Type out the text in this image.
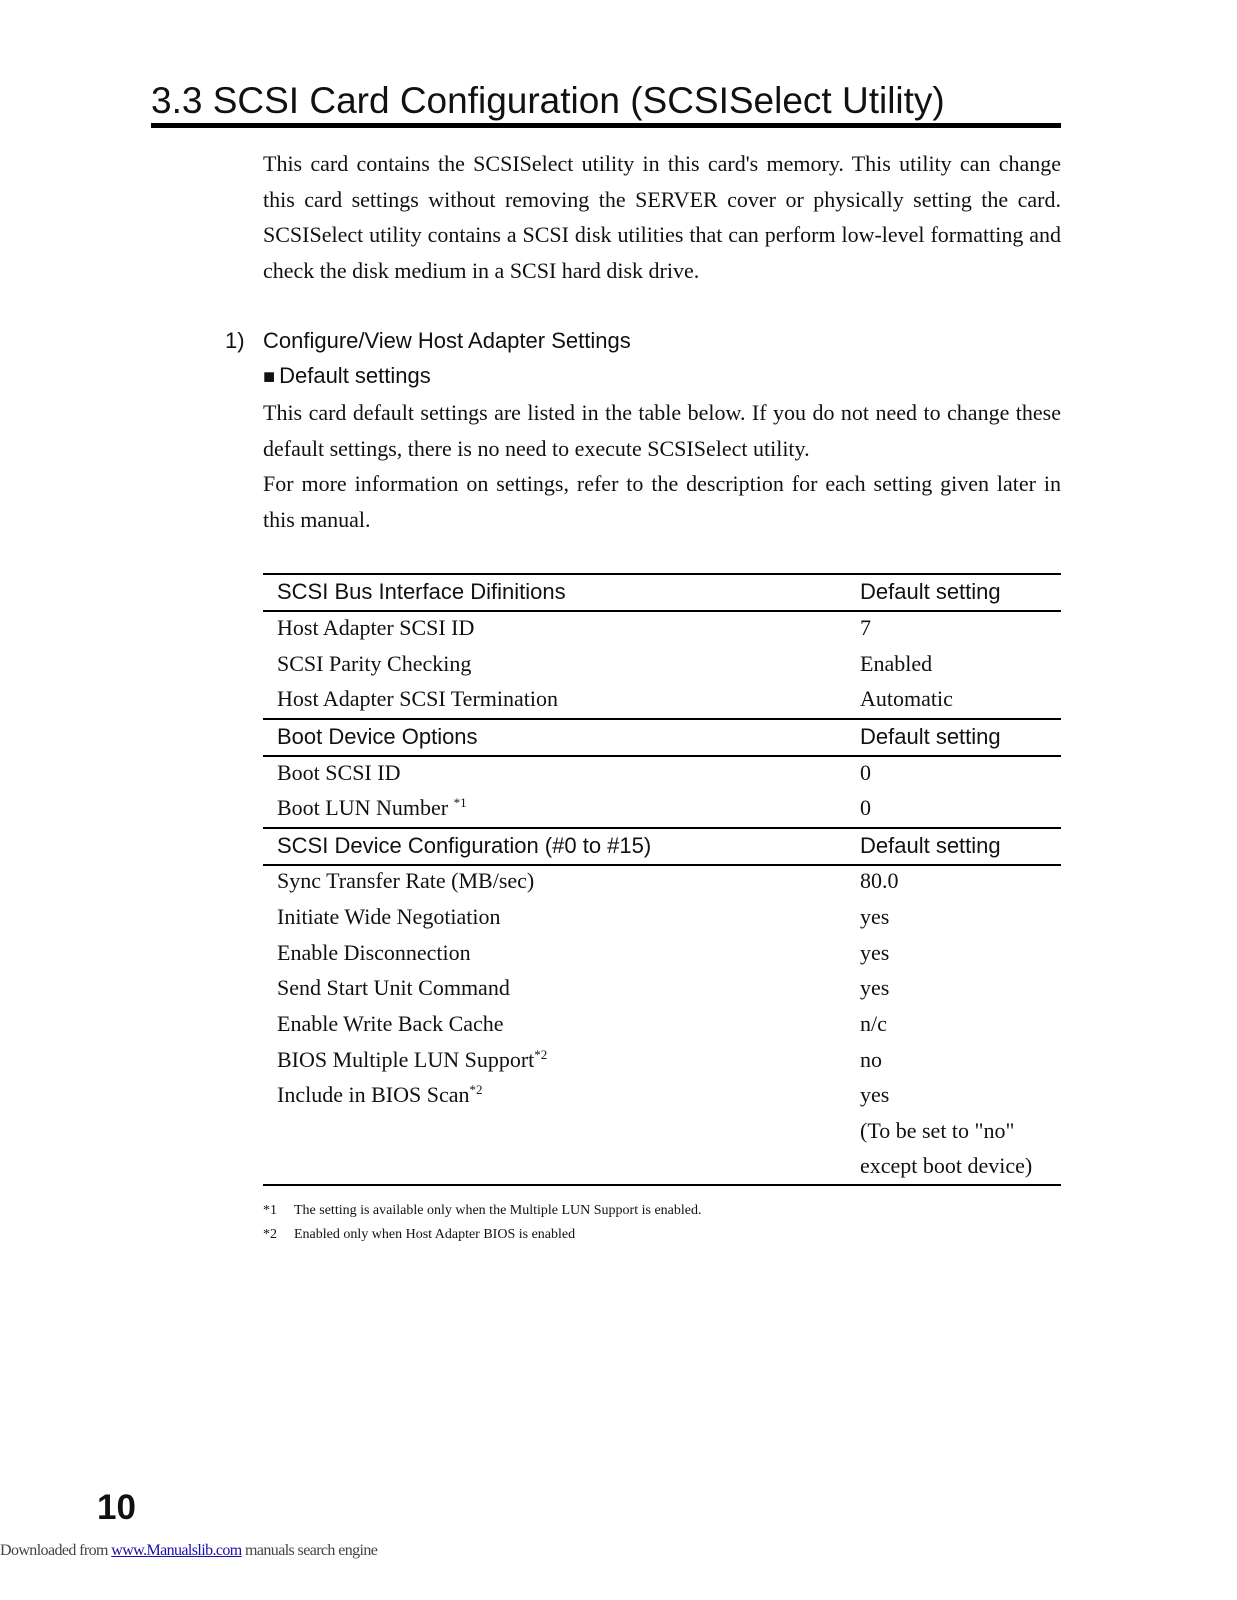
3.3 SCSI Card Configuration (SCSISelect Utility)

This card contains the SCSISelect utility in this card's memory. This utility can change this card settings without removing the SERVER cover or physically setting the card. SCSISelect utility contains a SCSI disk utilities that can perform low-level formatting and check the disk medium in a SCSI hard disk drive.

1) Configure/View Host Adapter Settings
■ Default settings

This card default settings are listed in the table below. If you do not need to change these default settings, there is no need to execute SCSISelect utility.

For more information on settings, refer to the description for each setting given later in this manual.

SCSI Bus Interface Difinitions	Default setting
Host Adapter SCSI ID	7
SCSI Parity Checking	Enabled
Host Adapter SCSI Termination	Automatic
Boot Device Options	Default setting
Boot SCSI ID	0
Boot LUN Number $^{*1}$	0
SCSI Device Configuration (#0 to #15)	Default setting
Sync Transfer Rate (MB/sec)	80.0
Initiate Wide Negotiation	yes
Enable Disconnection	yes
Send Start Unit Command	yes
Enable Write Back Cache	n/c
BIOS Multiple LUN Support$^{*2}$	no
Include in BIOS Scan$^{*2}$	yes
(To be set to "no"
except boot device)
*1 The setting is available only when the Multiple LUN Support is enabled.
*2 Enabled only when Host Adapter BIOS is enabled
10
Downloaded from www.Manualslib.com manuals search engine
